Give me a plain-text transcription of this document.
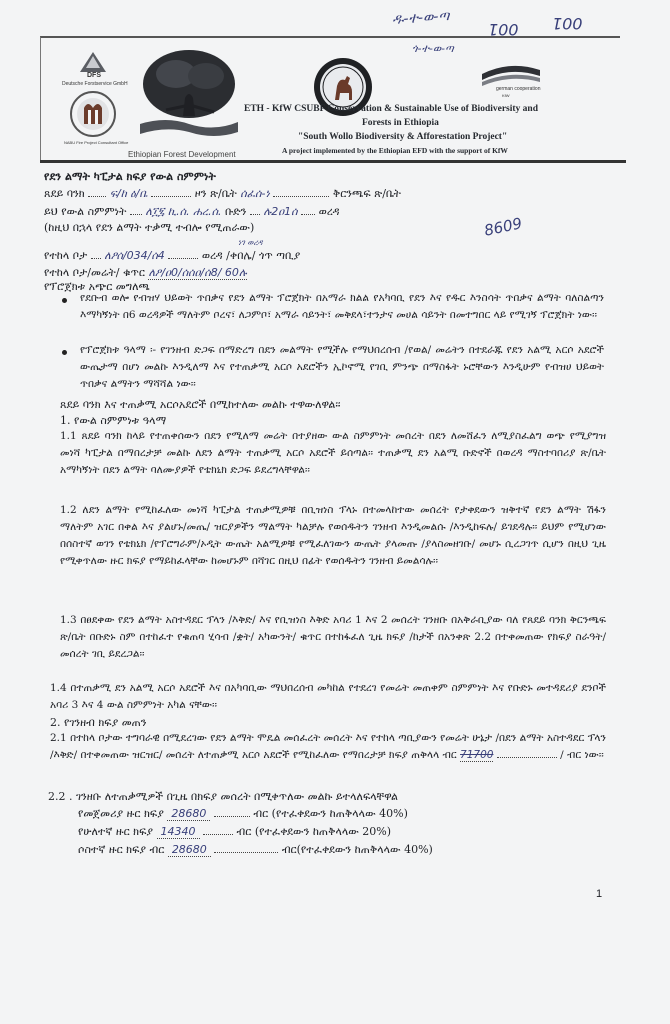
ዱ-ተ-ወ-ጣ
001 001
ጎ-ተ-ወ-ጣ
DFS
Deutsche Forstservice GmbH
NABU Fire Project Consultant Office
Ethiopian Forest Development
german cooperation
KfW
ETH - KfW CSUBF Conservation & Sustainable Use of Biodiversity and
Forests in Ethiopia
"South Wollo Biodiversity & Afforestation Project"
A project implemented by the Ethiopian EFD with the support of KfW
የደን ልማት ካፒታል ክፍያ የውል ስምምነት
ጸደይ ባንክ ፍ/ከ ዕ/ቤ	ዞን ጽ/ቤት ሰፈሰ-ነ	ቅርንጫፍ ጽ/ቤት
ይህ የውል ስምምነት ለ፲፯ ኪ.ሰ. ሐረ.ሰ. ቡድን ሉ2ዐ1ሰ ወረዳ
(ከዚህ በኋላ የደን ልማት ተቃሚ ተብሎ የሚጠራው)	8609
የተከላ ቦታ ለዖሰ/034/ሰ4	ወረዳ /ቀበሌ/ ጎጥ ጣቢያ
ነገ ወረዳ
የተከላ ቦታ/መሬት/ ቁጥር ለዖ/ዐ0/ሰሰዐ/ሰ8/ 60ሉ
የፕሮጀክቱ አጭር መግለጫ
የደቡብ ወሎ የብዝሃ ህይወት ጥበቃና የደን ልማት ፕሮጀክት በአማራ ክልል የአካባቢ የደን እና የዱር እንስሳት ጥበቃና ልማት ባለስልጣን እማካኝነት በ6 ወረዳዎች ማለትም ቦረና፣ ለጋምቦ፣ አማራ ሳይንት፣ መቅደላ፣ተንታና መሀል ሳይንት በመተግበር ላይ የሚገኝ ፕሮጀክት ነው፡፡
የፕሮጀክቱ ዓላማ ፡- የገንዘብ ድጋፍ በማድረግ በደን መልማት የሚችሉ የማህበረሰብ /የወል/ መሬትን በተደራጁ የደን አልሚ አርሶ አደሮች ውጤታማ በሆነ መልኩ እንዲለማ እና የተጠቃሚ አርሶ አደሮችን ኢኮኖሚ የገቢ ምንጭ በማስፋት ኑሮቸውን እንዲሁም የብዝሀ ህይወት ጥበቃና ልማትን ማሻሻል ነው፡፡
ጸደይ ባንክ እና ተጠቃሚ አርሶአደሮች በሚከተለው መልኩ ተዋውለዋል፡፡
1. የውል ስምምነቱ ዓላማ
1.1 ጸደይ ባንክ ከላይ የተጠቀሰውን በደን የሚለማ መሬት በተያዘው ውል ስምምነት መሰረት በደን ለመሸፈን ለሚያስፈልግ ወጭ የሚያግዝ መነሻ ካፒታል በማበረታቻ መልኩ ለደን ልማት ተጠቃሚ አርሶ አደሮች ይሰጣል፡፡ ተጠቃሚ ደን አልሚ ቡድኖች በወረዳ ማስተባበሪያ ጽ/ቤት አማካኝነት በደን ልማት ባለሙያዎች የቴክኒክ ድጋፍ ይደረግላቸዋል፡፡
1.2 ለደን ልማት የሚከፈለው መነሻ ካፒታል ተጠቃሚዎቹ በቢዝነስ ፕላኑ በተመላከተው መሰረት የታቀደውን ዝቅተኛ የደን ልማት ሽፋን ማለትም አገር በቀል እና ያልሆኑ/መጤ/ ዝርያዎችን ማልማት ካልቻሉ የወሰዱትን ገንዘብ እንዲመልሱ /እንዲከፍሉ/ ይገደዳሉ፡፡ ይህም የሚሆነው በሰስተኛ ወገን የቴክኒክ /የፕሮግራም/ኦዲት ውጤት አልሚዎቹ የሚፈለገውን ውጤት ያላመጡ /ያላስመዘገቡ/ መሆኑ ሲረጋገጥ ሲሆን በዚህ ጊዜ የሚቀጥለው ዙር ክፍያ የማይከፈላቸው ከመሆኑም በሻገር በዚህ በፊት የወሰዱትን ገንዘብ ይመልሳሉ፡፡
1.3 በፀደቀው የደን ልማት አስተዳደር ፕላን /እቅድ/ እና የቢዝነስ እቅድ አባሪ 1 እና 2 መሰረት ገንዘቡ በአቅራቢያው ባለ የጸደይ ባንክ ቅርንጫፍ ጽ/ቤት በቡድኑ ስም በተከፈተ የቁጠባ ሂሳብ /ቋት/ አካውንት/ ቁጥር በተከፋፈለ ጊዜ ክፍያ /ከታች በአንቀጽ 2.2 በተቀመጠው የክፍያ ስራዓት/ መሰረት ገቢ ይደረጋል፡፡
1.4 በተጠቃሚ ደን አልሚ አርሶ አደሮች እና በአካባቢው ማህበረሰብ መካከል የተደረገ የመሬት መጠቀም ስምምነት እና የቡድኑ መተዳደሪያ ደንቦች አባሪ 3 እና 4 ውል ስምምነት አካል ናቸው፡፡
2. የገንዘብ ክፍያ መጠን
2.1 በተከላ ቦታው ተግባራዊ በሚደረገው የደን ልማት ሞዴል መሰፈረት መሰረት እና የተከላ ጣቢያውን የመሬት ሁኔታ /በደን ልማት አስተዳደር ፕላን /እቅድ/ በተቀመጠው ዝርዝር/ መሰረት ለተጠቃሚ አርሶ አደሮች የሚከፈለው የማበረታቻ ክፍያ ጠቅላላ ብር 71700	/ ብር ነው፡፡
2.2 . ገንዘቡ ለተጠቃሚዎች በጊዜ በክፍያ መሰረት በሚቀጥለው መልኩ ይተላለፍላቸዋል
የመጀመሪያ ዙር ክፍያ 28680	ብር (የተፈቀደውን ከጠቅላላው 40%)
የሁለተኛ ዙር ክፍያ 14340	ብር (የተፈቀደውን ከጠቅላላው 20%)
ሶስተኛ ዙር ክፍያ ብር 28680	ብር(የተፈቀደውን ከጠቅላላው 40%)
1
